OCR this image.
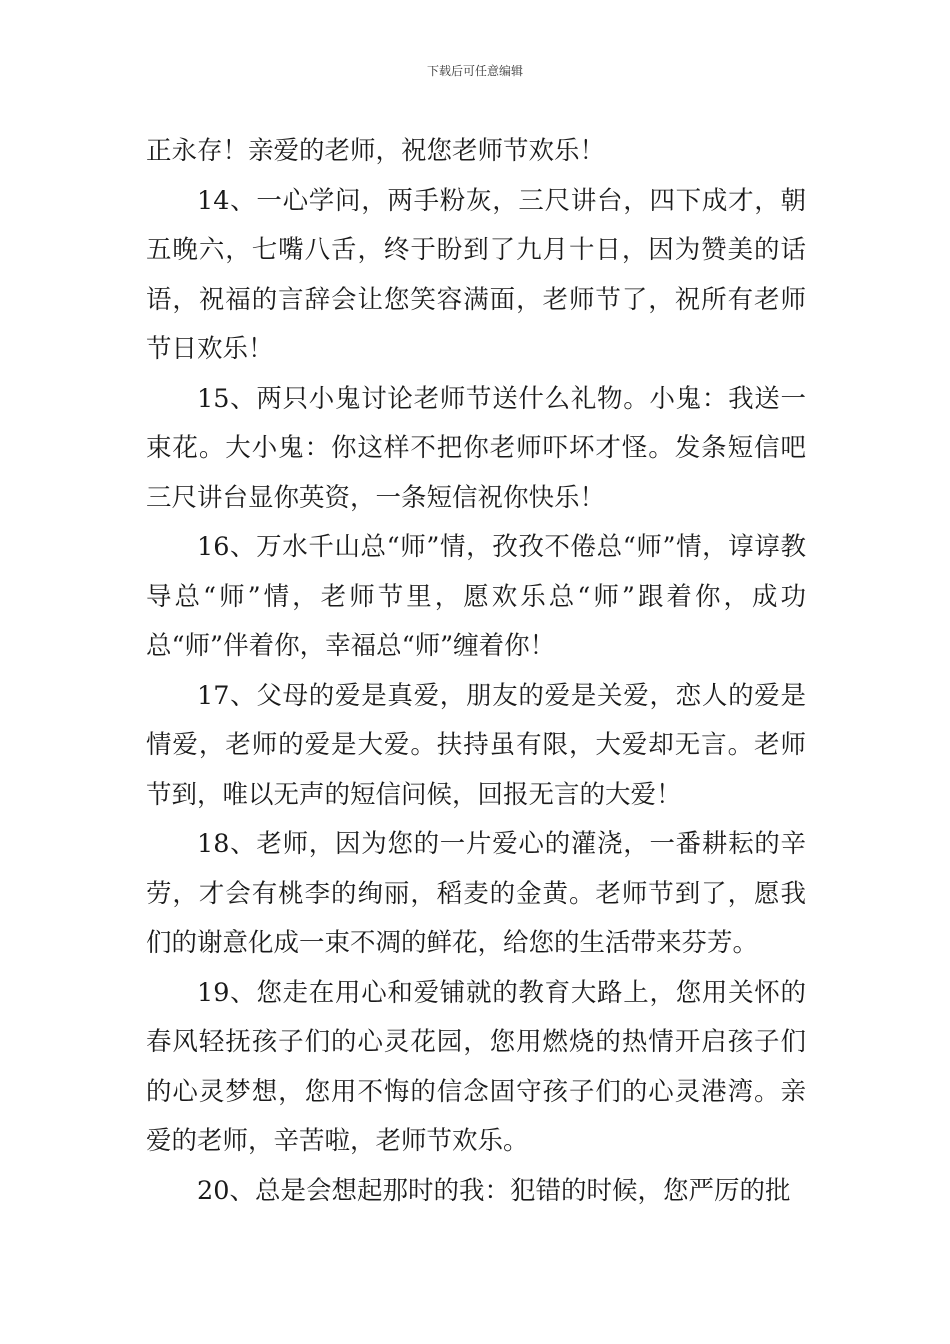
下载后可任意编辑

正永存！亲爱的老师，祝您老师节欢乐！

14、一心学问，两手粉灰，三尺讲台，四下成才，朝五晚六，七嘴八舌，终于盼到了九月十日，因为赞美的话语，祝福的言辞会让您笑容满面，老师节了，祝所有老师节日欢乐！

15、两只小鬼讨论老师节送什么礼物。小鬼：我送一束花。大小鬼：你这样不把你老师吓坏才怪。发条短信吧三尺讲台显你英资，一条短信祝你快乐！

16、万水千山总“师”情，孜孜不倦总“师”情，谆谆教导总“师”情，老师节里，愿欢乐总“师”跟着你，成功总“师”伴着你，幸福总“师”缠着你！

17、父母的爱是真爱，朋友的爱是关爱，恋人的爱是情爱，老师的爱是大爱。扶持虽有限，大爱却无言。老师节到，唯以无声的短信问候，回报无言的大爱！

18、老师，因为您的一片爱心的灌浇，一番耕耘的辛劳，才会有桃李的绚丽，稻麦的金黄。老师节到了，愿我们的谢意化成一束不凋的鲜花，给您的生活带来芬芳。

19、您走在用心和爱铺就的教育大路上，您用关怀的春风轻抚孩子们的心灵花园，您用燃烧的热情开启孩子们的心灵梦想，您用不悔的信念固守孩子们的心灵港湾。亲爱的老师，辛苦啦，老师节欢乐。

20、总是会想起那时的我：犯错的时候，您严厉的批
